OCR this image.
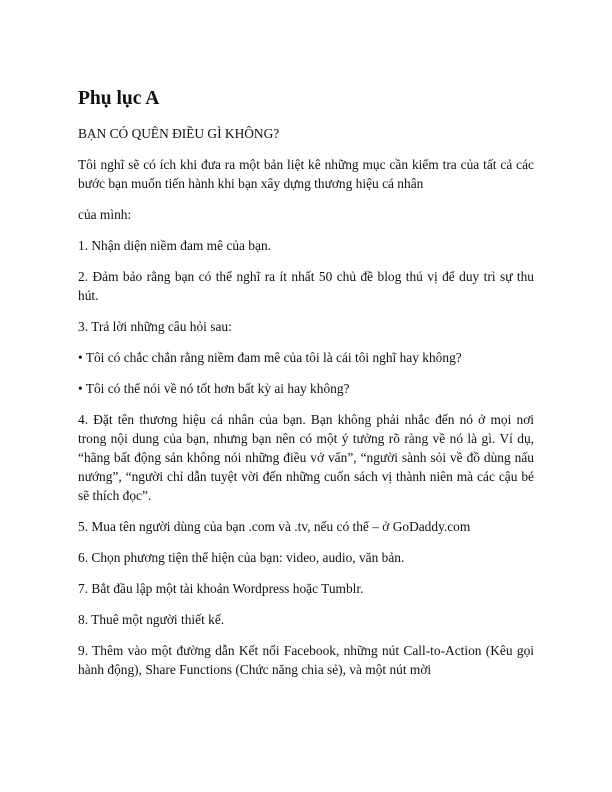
Phụ lục A

BẠN CÓ QUÊN ĐIỀU GÌ KHÔNG?

Tôi nghĩ sẽ có ích khi đưa ra một bản liệt kê những mục cần kiểm tra của tất cả các bước bạn muốn tiến hành khi bạn xây dựng thương hiệu cá nhân

của mình:

1. Nhận diện niềm đam mê của bạn.

2. Đảm bảo rằng bạn có thể nghĩ ra ít nhất 50 chủ đề blog thú vị để duy trì sự thu hút.

3. Trả lời những câu hỏi sau:

• Tôi có chắc chắn rằng niềm đam mê của tôi là cái tôi nghĩ hay không?

• Tôi có thể nói về nó tốt hơn bất kỳ ai hay không?

4. Đặt tên thương hiệu cá nhân của bạn. Bạn không phải nhắc đến nó ở mọi nơi trong nội dung của bạn, nhưng bạn nên có một ý tưởng rõ ràng về nó là gì. Ví dụ, “hãng bất động sản không nói những điều vớ vẩn”, “người sành sỏi về đồ dùng nấu nướng”, “người chỉ dẫn tuyệt vời đến những cuốn sách vị thành niên mà các cậu bé sẽ thích đọc”.

5. Mua tên người dùng của bạn .com và .tv, nếu có thể – ở GoDaddy.com

6. Chọn phương tiện thể hiện của bạn: video, audio, văn bản.

7. Bắt đầu lập một tài khoản Wordpress hoặc Tumblr.

8. Thuê một người thiết kế.

9. Thêm vào một đường dẫn Kết nối Facebook, những nút Call-to-Action (Kêu gọi hành động), Share Functions (Chức năng chia sẻ), và một nút mời
